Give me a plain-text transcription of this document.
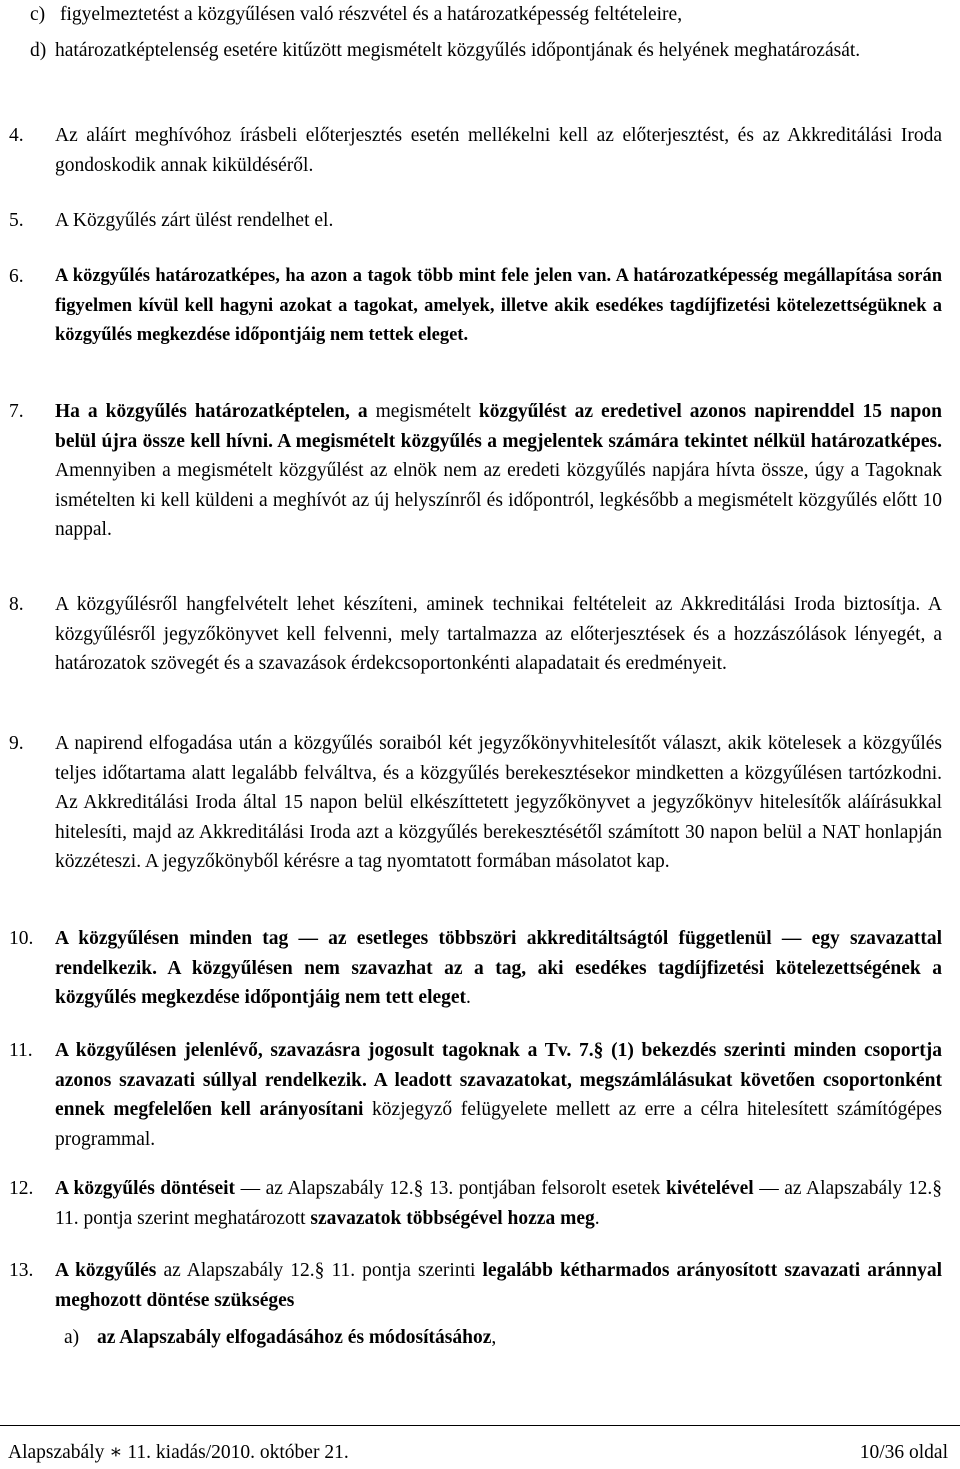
c) figyelmeztetést a közgyűlésen való részvétel és a határozatképesség feltételeire,
d) határozatképtelenség esetére kitűzött megismételt közgyűlés időpontjának és helyének meghatározását.
4. Az aláírt meghívóhoz írásbeli előterjesztés esetén mellékelni kell az előterjesztést, és az Akkreditálási Iroda gondoskodik annak kiküldéséről.
5. A Közgyűlés zárt ülést rendelhet el.
6. A közgyűlés határozatképes, ha azon a tagok több mint fele jelen van. A határozatképesség megállapítása során figyelmen kívül kell hagyni azokat a tagokat, amelyek, illetve akik esedékes tagdíjfizetési kötelezettségüknek a közgyűlés megkezdése időpontjáig nem tettek eleget.
7. Ha a közgyűlés határozatképtelen, a megismételt közgyűlést az eredetivel azonos napirenddel 15 napon belül újra össze kell hívni. A megismételt közgyűlés a megjelentek számára tekintet nélkül határozatképes. Amennyiben a megismételt közgyűlést az elnök nem az eredeti közgyűlés napjára hívta össze, úgy a Tagoknak ismételten ki kell küldeni a meghívót az új helyszínről és időpontról, legkésőbb a megismételt közgyűlés előtt 10 nappal.
8. A közgyűlésről hangfelvételt lehet készíteni, aminek technikai feltételeit az Akkreditálási Iroda biztosítja. A közgyűlésről jegyzőkönyvet kell felvenni, mely tartalmazza az előterjesztések és a hozzászólások lényegét, a határozatok szövegét és a szavazások érdekcsoportonkénti alapadatait és eredményeit.
9. A napirend elfogadása után a közgyűlés soraiból két jegyzőkönyvhitelesítőt választ, akik kötelesek a közgyűlés teljes időtartama alatt legalább felváltva, és a közgyűlés berekesztésekor mindketten a közgyűlésen tartózkodni. Az Akkreditálási Iroda által 15 napon belül elkészíttetett jegyzőkönyvet a jegyzőkönyv hitelesítők aláírásukkal hitelesíti, majd az Akkreditálási Iroda azt a közgyűlés berekesztésétől számított 30 napon belül a NAT honlapján közzéteszi. A jegyzőkönyből kérésre a tag nyomtatott formában másolatot kap.
10. A közgyűlésen minden tag — az esetleges többszöri akkreditáltságtól függetlenül — egy szavazattal rendelkezik. A közgyűlésen nem szavazhat az a tag, aki esedékes tagdíjfizetési kötelezettségének a közgyűlés megkezdése időpontjáig nem tett eleget.
11. A közgyűlésen jelenlévő, szavazásra jogosult tagoknak a Tv. 7.§ (1) bekezdés szerinti minden csoportja azonos szavazati súllyal rendelkezik. A leadott szavazatokat, megszámlálásukat követően csoportonként ennek megfelelően kell arányosítani közjegyző felügyelete mellett az erre a célra hitelesített számítógépes programmal.
12. A közgyűlés döntéseit — az Alapszabály 12.§ 13. pontjában felsorolt esetek kivételével — az Alapszabály 12.§ 11. pontja szerint meghatározott szavazatok többségével hozza meg.
13. A közgyűlés az Alapszabály 12.§ 11. pontja szerinti legalább kétharmados arányosított szavazati aránnyal meghozott döntése szükséges
a) az Alapszabály elfogadásához és módosításához,
Alapszabály ∗ 11. kiadás/2010. október 21.	10/36 oldal
